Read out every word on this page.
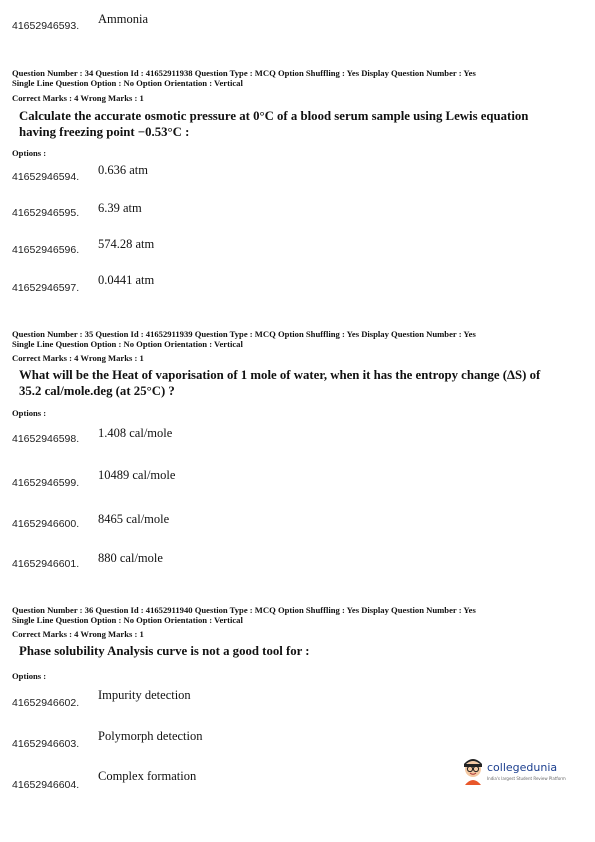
41652946593. Ammonia
Question Number : 34 Question Id : 41652911938 Question Type : MCQ Option Shuffling : Yes Display Question Number : Yes
Single Line Question Option : No Option Orientation : Vertical
Correct Marks : 4 Wrong Marks : 1
Calculate the accurate osmotic pressure at 0°C of a blood serum sample using Lewis equation having freezing point −0.53°C :
Options :
41652946594. 0.636 atm
41652946595. 6.39 atm
41652946596. 574.28 atm
41652946597.
0.0441 atm
Question Number : 35 Question Id : 41652911939 Question Type : MCQ Option Shuffling : Yes Display Question Number : Yes
Single Line Question Option : No Option Orientation : Vertical
Correct Marks : 4 Wrong Marks : 1
What will be the Heat of vaporisation of 1 mole of water, when it has the entropy change (ΔS) of 35.2 cal/mole.deg (at 25°C) ?
Options :
41652946598. 1.408 cal/mole
41652946599.
10489 cal/mole
41652946600. 8465 cal/mole
41652946601. 880 cal/mole
Question Number : 36 Question Id : 41652911940 Question Type : MCQ Option Shuffling : Yes Display Question Number : Yes
Single Line Question Option : No Option Orientation : Vertical
Correct Marks : 4 Wrong Marks : 1
Phase solubility Analysis curve is not a good tool for :
Options :
41652946602.
Impurity detection
41652946603.
Polymorph detection
41652946604.
Complex formation
collegedunia
India's largest Student Review Platform
